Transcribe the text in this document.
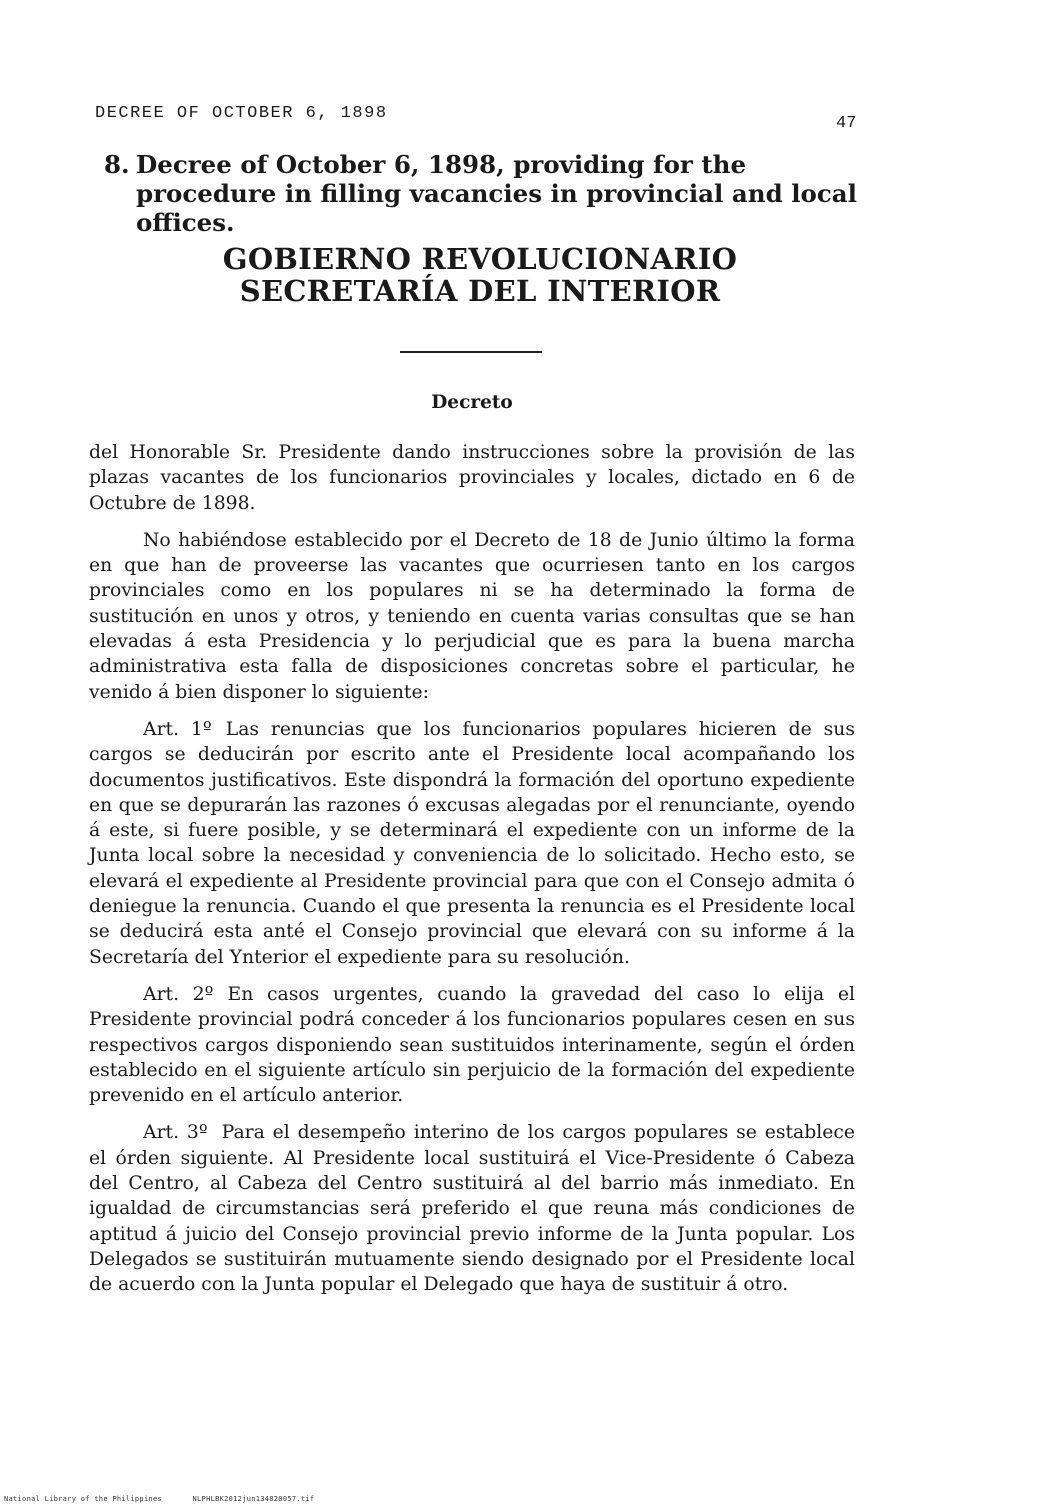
DECREE OF OCTOBER 6, 1898
47
8. Decree of October 6, 1898, providing for the procedure in filling vacancies in provincial and local offices.
GOBIERNO REVOLUCIONARIO
SECRETARÍA DEL INTERIOR
Decreto

del Honorable Sr. Presidente dando instrucciones sobre la provisión de las plazas vacantes de los funcionarios provinciales y locales, dictado en 6 de Octubre de 1898.

No habiéndose establecido por el Decreto de 18 de Junio último la forma en que han de proveerse las vacantes que ocurriesen tanto en los cargos provinciales como en los populares ni se ha determinado la forma de sustitución en unos y otros, y teniendo en cuenta varias consultas que se han elevadas á esta Presidencia y lo perjudicial que es para la buena marcha administrativa esta falla de disposiciones concretas sobre el particular, he venido á bien disponer lo siguiente:

Art. 1º Las renuncias que los funcionarios populares hicieren de sus cargos se deducirán por escrito ante el Presidente local acompañando los documentos justificativos. Este dispondrá la formación del oportuno expediente en que se depurarán las razones ó excusas alegadas por el renunciante, oyendo á este, si fuere posible, y se determinará el expediente con un informe de la Junta local sobre la necesidad y conveniencia de lo solicitado. Hecho esto, se elevará el expediente al Presidente provincial para que con el Consejo admita ó deniegue la renuncia. Cuando el que presenta la renuncia es el Presidente local se deducirá esta anté el Consejo provincial que elevará con su informe á la Secretaría del Ynterior el expediente para su resolución.

Art. 2º En casos urgentes, cuando la gravedad del caso lo elija el Presidente provincial podrá conceder á los funcionarios populares cesen en sus respectivos cargos disponiendo sean sustituidos interinamente, según el órden establecido en el siguiente artículo sin perjuicio de la formación del expediente prevenido en el artículo anterior.

Art. 3º Para el desempeño interino de los cargos populares se establece el órden siguiente. Al Presidente local sustituirá el Vice-Presidente ó Cabeza del Centro, al Cabeza del Centro sustituirá al del barrio más inmediato. En igualdad de circumstancias será preferido el que reuna más condiciones de aptitud á juicio del Consejo provincial previo informe de la Junta popular. Los Delegados se sustituirán mutuamente siendo designado por el Presidente local de acuerdo con la Junta popular el Delegado que haya de sustituir á otro.

National Library of the Philippines	NLPHLBK2012jun134820057.tif
